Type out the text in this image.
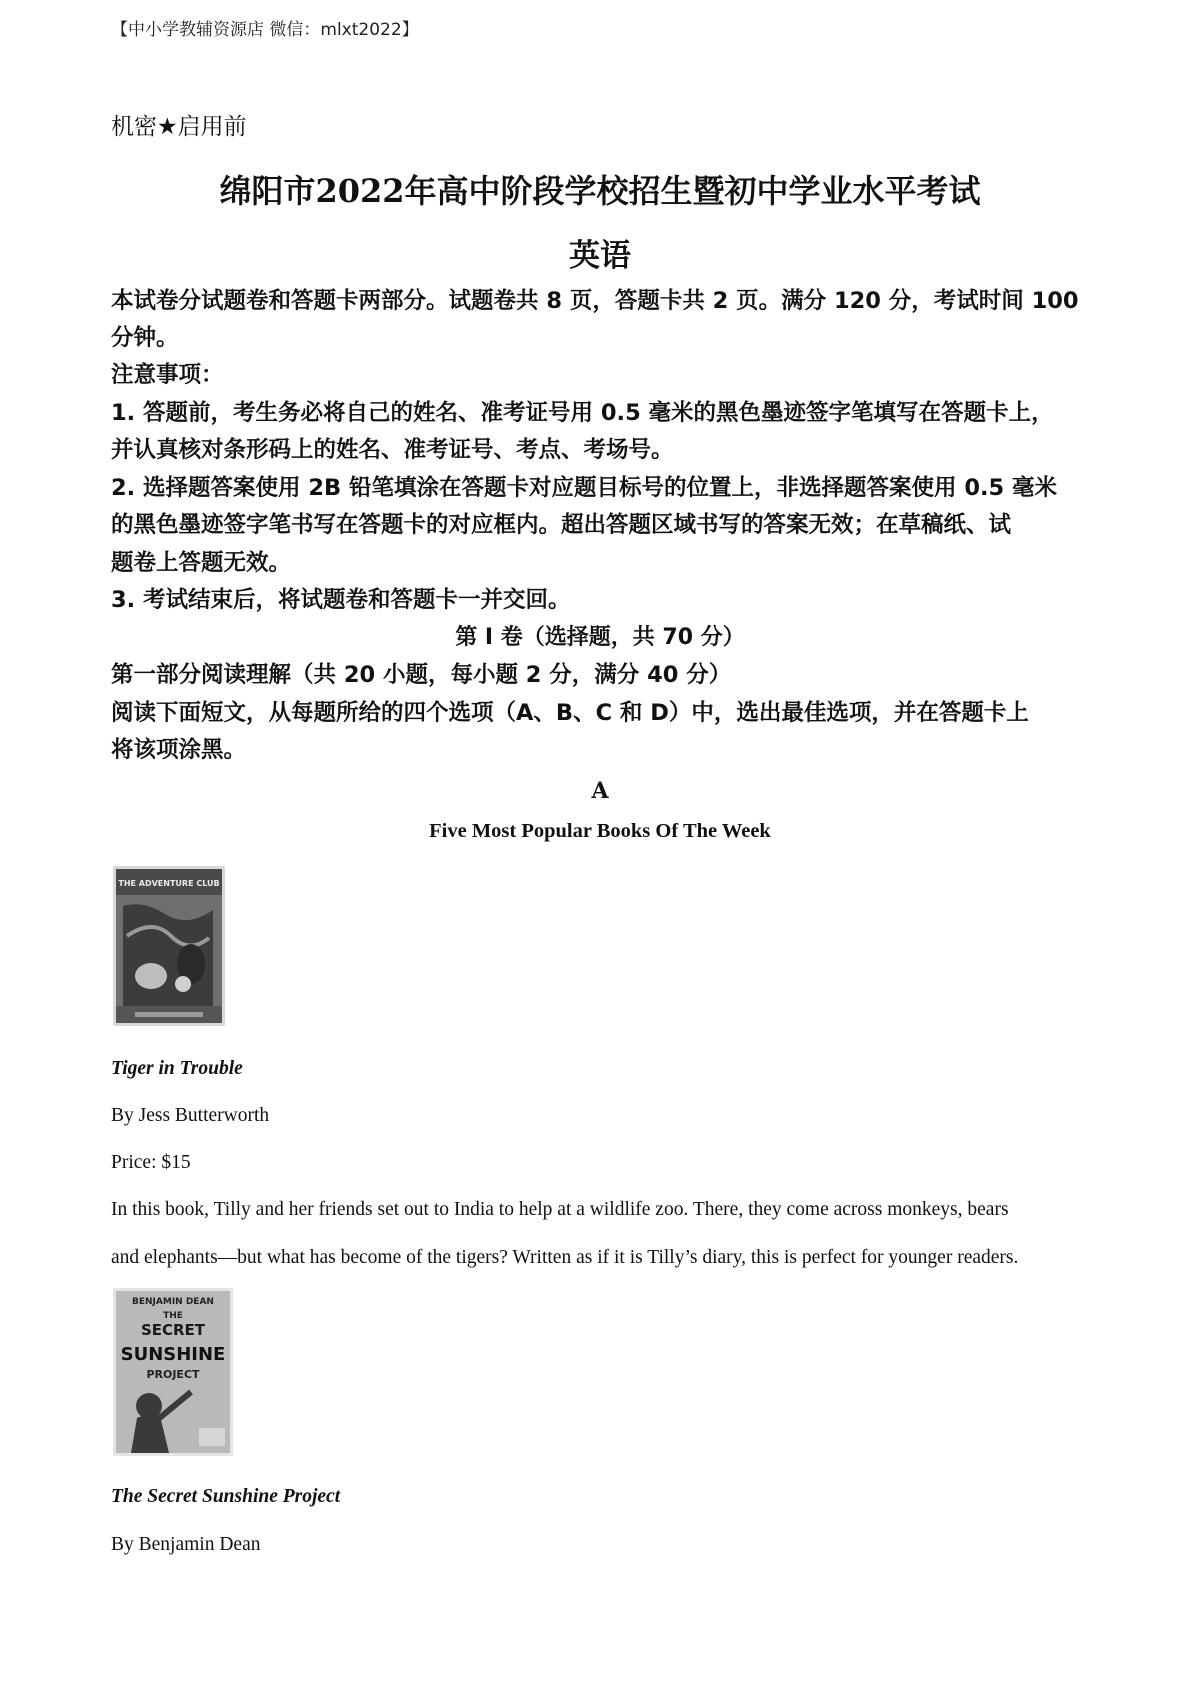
【中小学教辅资源店 微信：mlxt2022】
机密★启用前
绵阳市2022年高中阶段学校招生暨初中学业水平考试
英语
本试卷分试题卷和答题卡两部分。试题卷共 8 页，答题卡共 2 页。满分 120 分，考试时间 100
分钟。
注意事项：
1. 答题前，考生务必将自己的姓名、准考证号用 0.5 毫米的黑色墨迹签字笔填写在答题卡上，
并认真核对条形码上的姓名、准考证号、考点、考场号。
2. 选择题答案使用 2B 铅笔填涂在答题卡对应题目标号的位置上，非选择题答案使用 0.5 毫米
的黑色墨迹签字笔书写在答题卡的对应框内。超出答题区域书写的答案无效；在草稿纸、试
题卷上答题无效。
3. 考试结束后，将试题卷和答题卡一并交回。
第 I 卷（选择题，共 70 分）
第一部分阅读理解（共 20 小题，每小题 2 分，满分 40 分）
阅读下面短文，从每题所给的四个选项（A、B、C 和 D）中，选出最佳选项，并在答题卡上
将该项涂黑。
A
Five Most Popular Books Of The Week
THE ADVENTURE CLUB
Tiger in Trouble
By Jess Butterworth
Price: $15
In this book, Tilly and her friends set out to India to help at a wildlife zoo. There, they come across monkeys, bears
and elephants—but what has become of the tigers? Written as if it is Tilly’s diary, this is perfect for younger readers.
BENJAMIN DEAN
THE
SECRET
SUNSHINE
PROJECT
The Secret Sunshine Project
By Benjamin Dean
